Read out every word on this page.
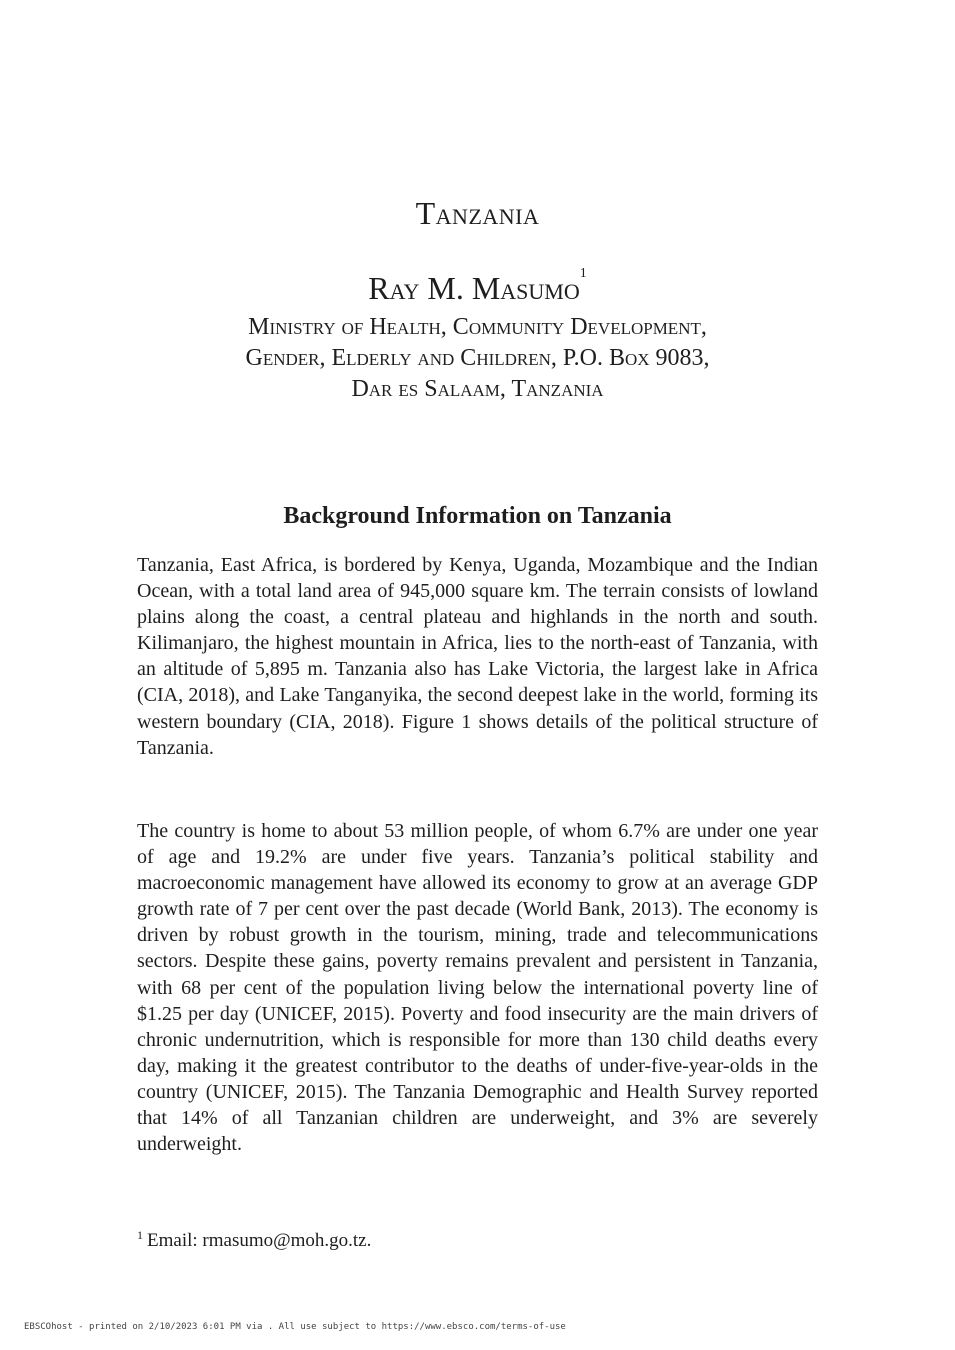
Tanzania
Ray M. Masumo$^1$
Ministry of Health, Community Development,
Gender, Elderly and Children, P.O. Box 9083,
Dar es Salaam, Tanzania
Background Information on Tanzania

Tanzania, East Africa, is bordered by Kenya, Uganda, Mozambique and the Indian Ocean, with a total land area of 945,000 square km. The terrain consists of lowland plains along the coast, a central plateau and highlands in the north and south. Kilimanjaro, the highest mountain in Africa, lies to the north-east of Tanzania, with an altitude of 5,895 m. Tanzania also has Lake Victoria, the largest lake in Africa (CIA, 2018), and Lake Tanganyika, the second deepest lake in the world, forming its western boundary (CIA, 2018). Figure 1 shows details of the political structure of Tanzania.

The country is home to about 53 million people, of whom 6.7% are under one year of age and 19.2% are under five years. Tanzania’s political stability and macroeconomic management have allowed its economy to grow at an average GDP growth rate of 7 per cent over the past decade (World Bank, 2013). The economy is driven by robust growth in the tourism, mining, trade and telecommunications sectors. Despite these gains, poverty remains prevalent and persistent in Tanzania, with 68 per cent of the population living below the international poverty line of $1.25 per day (UNICEF, 2015). Poverty and food insecurity are the main drivers of chronic undernutrition, which is responsible for more than 130 child deaths every day, making it the greatest contributor to the deaths of under-five-year-olds in the country (UNICEF, 2015). The Tanzania Demographic and Health Survey reported that 14% of all Tanzanian children are underweight, and 3% are severely underweight.

$^1$ Email: rmasumo@moh.go.tz.
EBSCOhost - printed on 2/10/2023 6:01 PM via . All use subject to https://www.ebsco.com/terms-of-use
